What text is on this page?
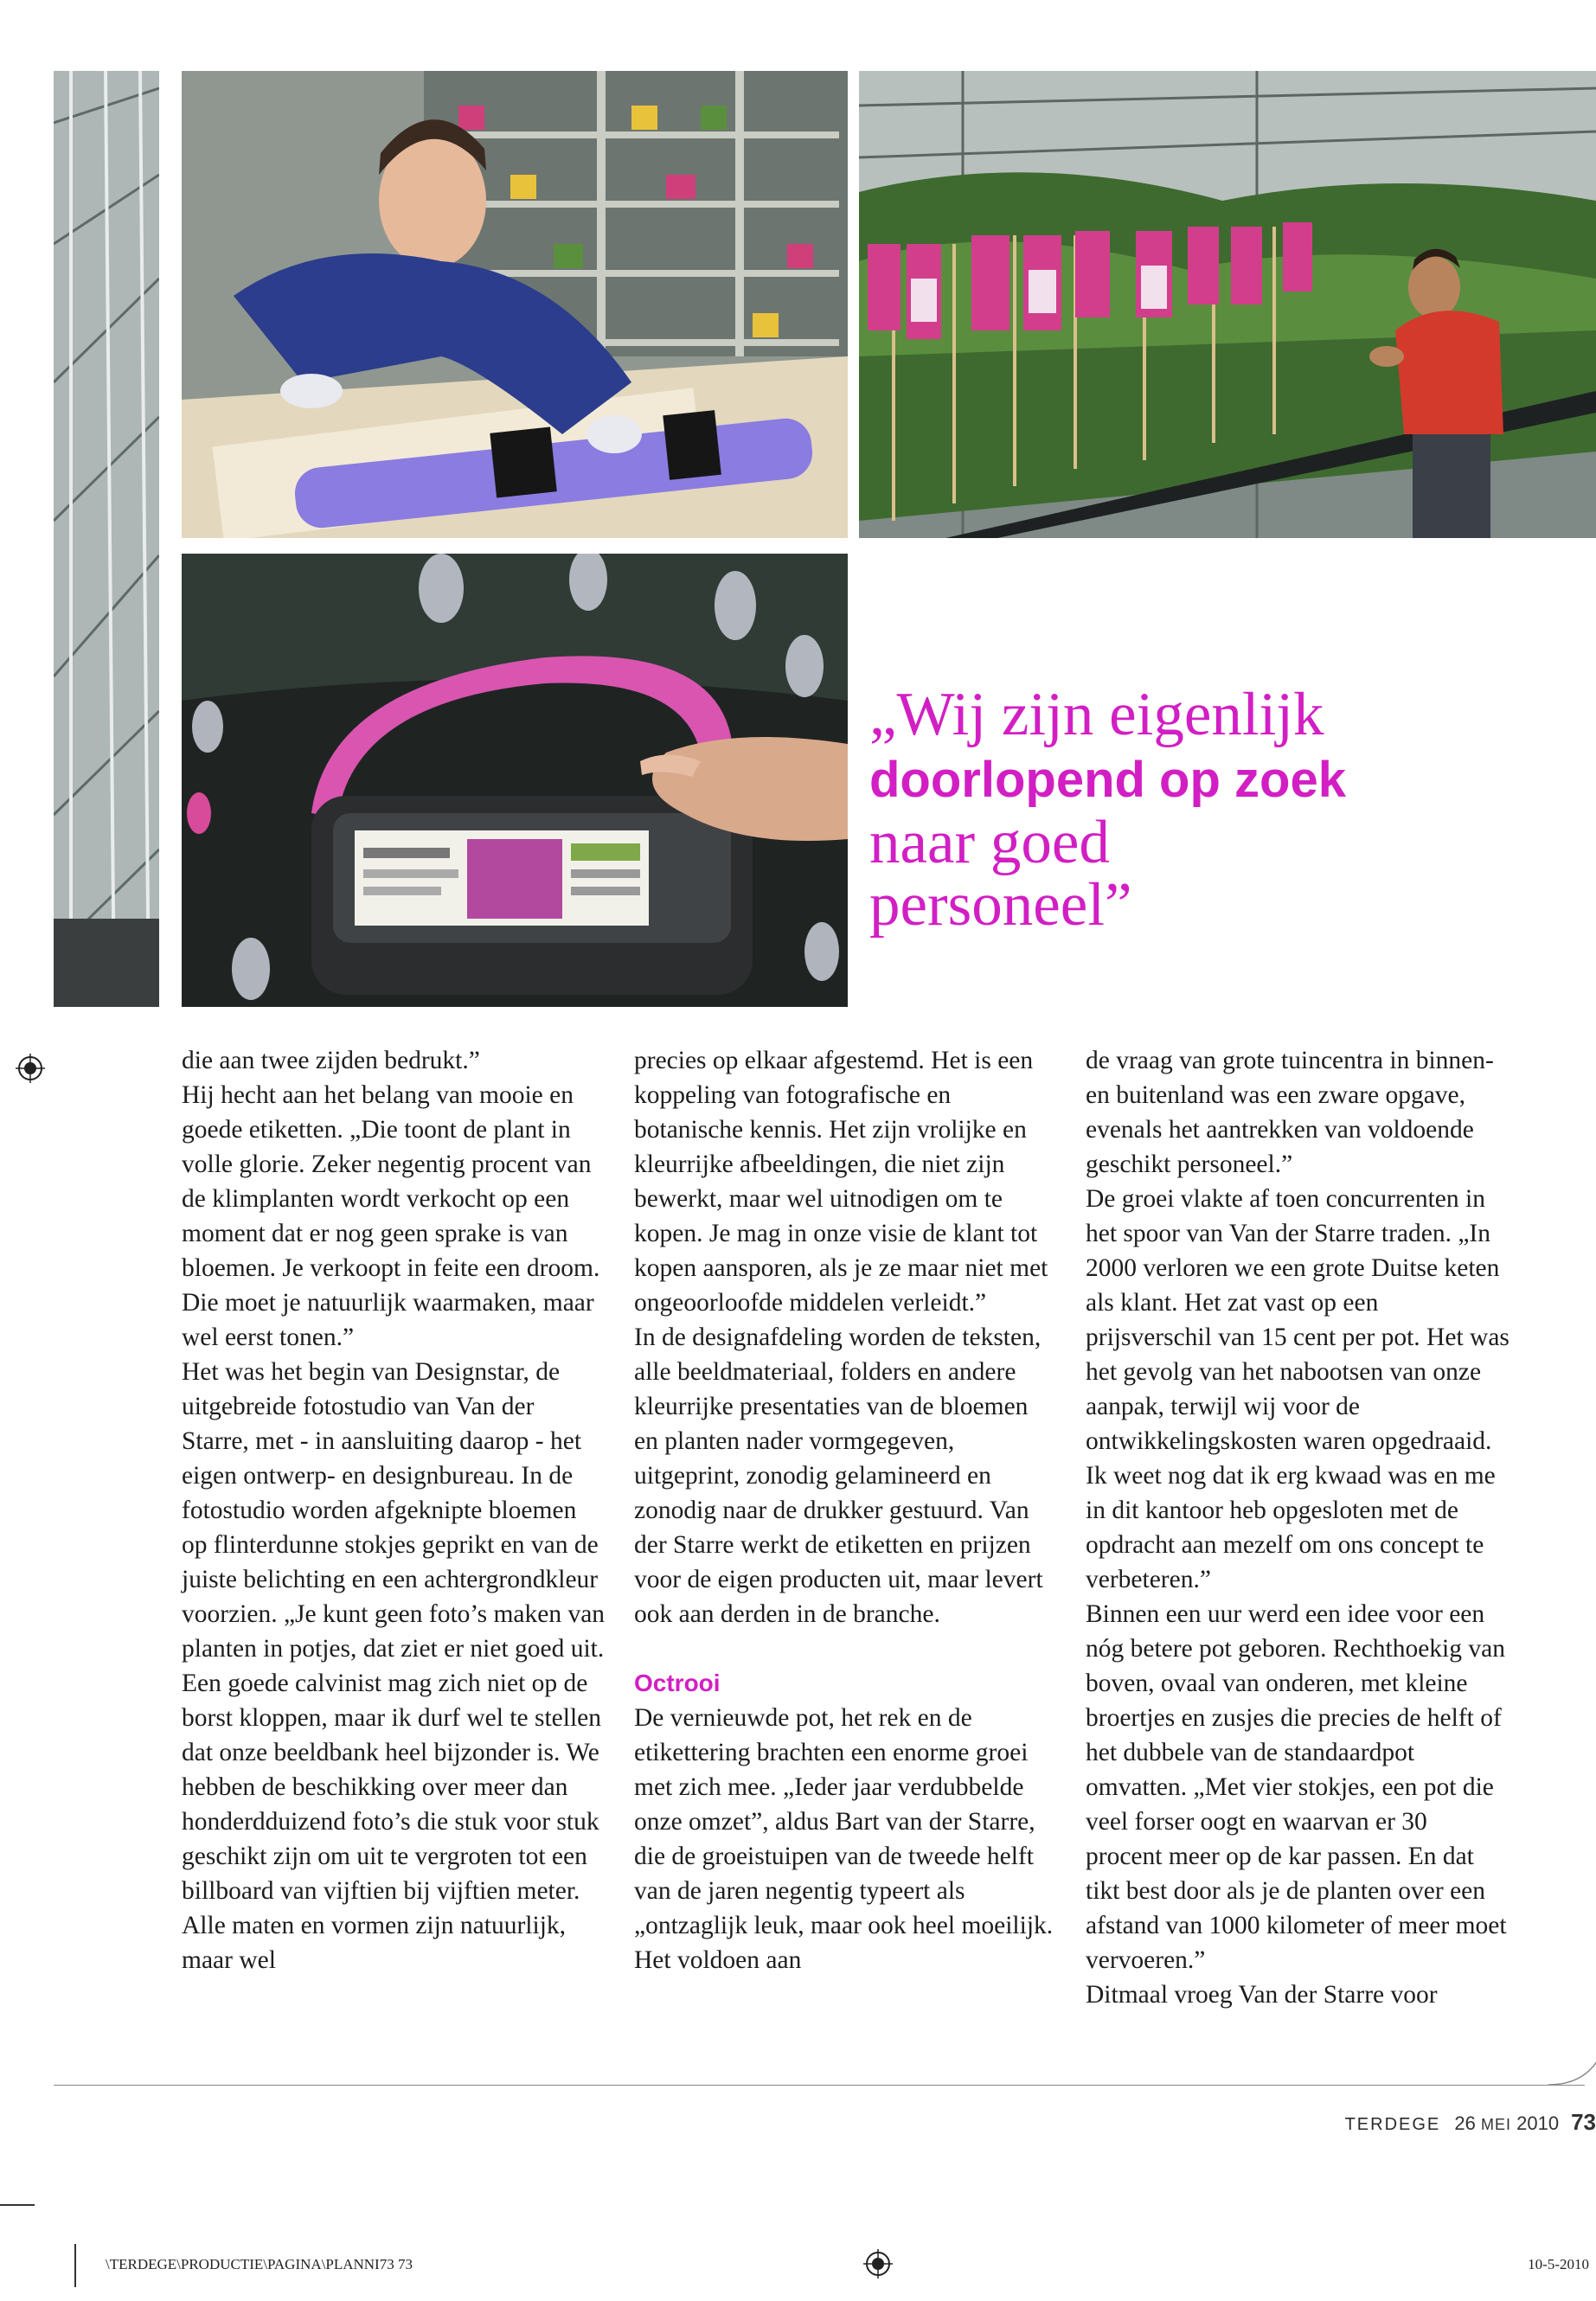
„Wij zijn eigenlijk doorlopend op zoek naar goed personeel”

die aan twee zijden bedrukt.”

Hij hecht aan het belang van mooie en goede etiketten. „Die toont de plant in volle glorie. Zeker negentig procent van de klimplanten wordt verkocht op een moment dat er nog geen sprake is van bloemen. Je verkoopt in feite een droom. Die moet je natuurlijk waarmaken, maar wel eerst tonen.”

Het was het begin van Designstar, de uitgebreide fotostudio van Van der Starre, met - in aansluiting daarop - het eigen ontwerp- en designbureau. In de fotostudio worden afgeknipte bloemen op flinterdunne stokjes geprikt en van de juiste belichting en een achtergrondkleur voorzien. „Je kunt geen foto’s maken van planten in potjes, dat ziet er niet goed uit. Een goede calvinist mag zich niet op de borst kloppen, maar ik durf wel te stellen dat onze beeldbank heel bijzonder is. We hebben de beschikking over meer dan honderdduizend foto’s die stuk voor stuk geschikt zijn om uit te vergroten tot een billboard van vijftien bij vijftien meter. Alle maten en vormen zijn natuurlijk, maar wel

precies op elkaar afgestemd. Het is een koppeling van fotografische en botanische kennis. Het zijn vrolijke en kleurrijke afbeeldingen, die niet zijn bewerkt, maar wel uitnodigen om te kopen. Je mag in onze visie de klant tot kopen aansporen, als je ze maar niet met ongeoorloofde middelen verleidt.”

In de designafdeling worden de teksten, alle beeldmateriaal, folders en andere kleurrijke presentaties van de bloemen en planten nader vormgegeven, uitgeprint, zonodig gelamineerd en zonodig naar de drukker gestuurd. Van der Starre werkt de etiketten en prijzen voor de eigen producten uit, maar levert ook aan derden in de branche.

Octrooi

De vernieuwde pot, het rek en de etikettering brachten een enorme groei met zich mee. „Ieder jaar verdubbelde onze omzet”, aldus Bart van der Starre, die de groeistuipen van de tweede helft van de jaren negentig typeert als „ontzaglijk leuk, maar ook heel moeilijk. Het voldoen aan

de vraag van grote tuincentra in binnen- en buitenland was een zware opgave, evenals het aantrekken van voldoende geschikt personeel.”

De groei vlakte af toen concurrenten in het spoor van Van der Starre traden. „In 2000 verloren we een grote Duitse keten als klant. Het zat vast op een prijsverschil van 15 cent per pot. Het was het gevolg van het nabootsen van onze aanpak, terwijl wij voor de ontwikkelingskosten waren opgedraaid. Ik weet nog dat ik erg kwaad was en me in dit kantoor heb opgesloten met de opdracht aan mezelf om ons concept te verbeteren.”

Binnen een uur werd een idee voor een nóg betere pot geboren. Rechthoekig van boven, ovaal van onderen, met kleine broertjes en zusjes die precies de helft of het dubbele van de standaardpot omvatten. „Met vier stokjes, een pot die veel forser oogt en waarvan er 30 procent meer op de kar passen. En dat tikt best door als je de planten over een afstand van 1000 kilometer of meer moet vervoeren.”

Ditmaal vroeg Van der Starre voor

TERDEGE 26 MEI 2010 73
\TERDEGE\PRODUCTIE\PAGINA\PLANNI73 73	10-5-2010
